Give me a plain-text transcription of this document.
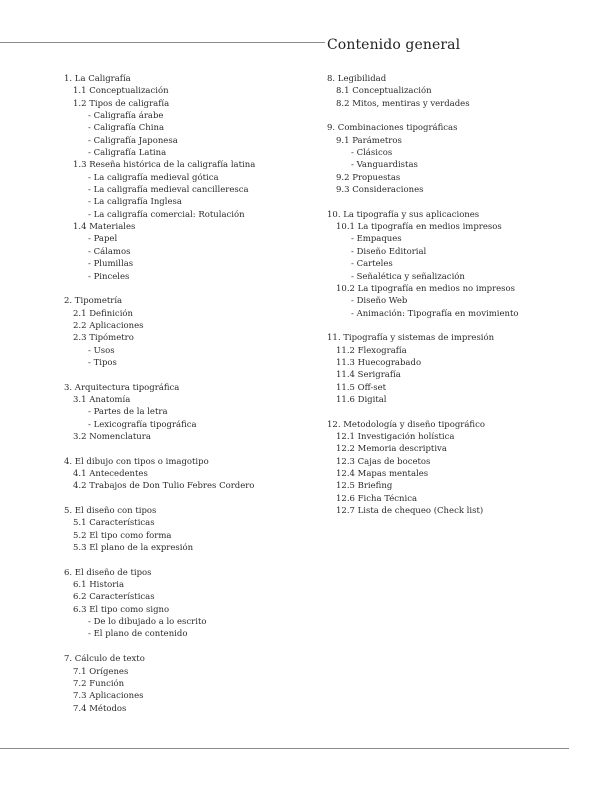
Contenido general
1. La Caligrafía
1.1 Conceptualización
1.2 Tipos de caligrafía
- Caligrafía árabe
- Caligrafía China
- Caligrafía Japonesa
- Caligrafía Latina
1.3 Reseña histórica de la caligrafía latina
- La caligrafía medieval gótica
- La caligrafía medieval cancilleresca
- La caligrafía Inglesa
- La caligrafía comercial: Rotulación
1.4 Materiales
- Papel
- Cálamos
- Plumillas
- Pinceles
2. Tipometría
2.1 Definición
2.2 Aplicaciones
2.3 Tipómetro
- Usos
- Tipos
3. Arquitectura tipográfica
3.1 Anatomía
- Partes de la letra
- Lexicografía tipográfica
3.2 Nomenclatura
4. El dibujo con tipos o imagotipo
4.1 Antecedentes
4.2 Trabajos de Don Tulio Febres Cordero
5. El diseño con tipos
5.1 Características
5.2 El tipo como forma
5.3 El plano de la expresión
6. El diseño de tipos
6.1 Historia
6.2 Características
6.3 El tipo como signo
- De lo dibujado a lo escrito
- El plano de contenido
7. Cálculo de texto
7.1 Orígenes
7.2 Función
7.3 Aplicaciones
7.4 Métodos
8. Legibilidad
8.1 Conceptualización
8.2 Mitos, mentiras y verdades
9. Combinaciones tipográficas
9.1 Parámetros
- Clásicos
- Vanguardistas
9.2 Propuestas
9.3 Consideraciones
10. La tipografía y sus aplicaciones
10.1 La tipografía en medios impresos
- Empaques
- Diseño Editorial
- Carteles
- Señalética y señalización
10.2 La tipografía en medios no impresos
- Diseño Web
- Animación: Tipografía en movimiento
11. Tipografía y sistemas de impresión
11.2 Flexografía
11.3 Huecograbado
11.4 Serigrafía
11.5 Off-set
11.6 Digital
12. Metodología y diseño tipográfico
12.1 Investigación holística
12.2 Memoria descriptiva
12.3 Cajas de bocetos
12.4 Mapas mentales
12.5 Briefing
12.6 Ficha Técnica
12.7 Lista de chequeo (Check list)
